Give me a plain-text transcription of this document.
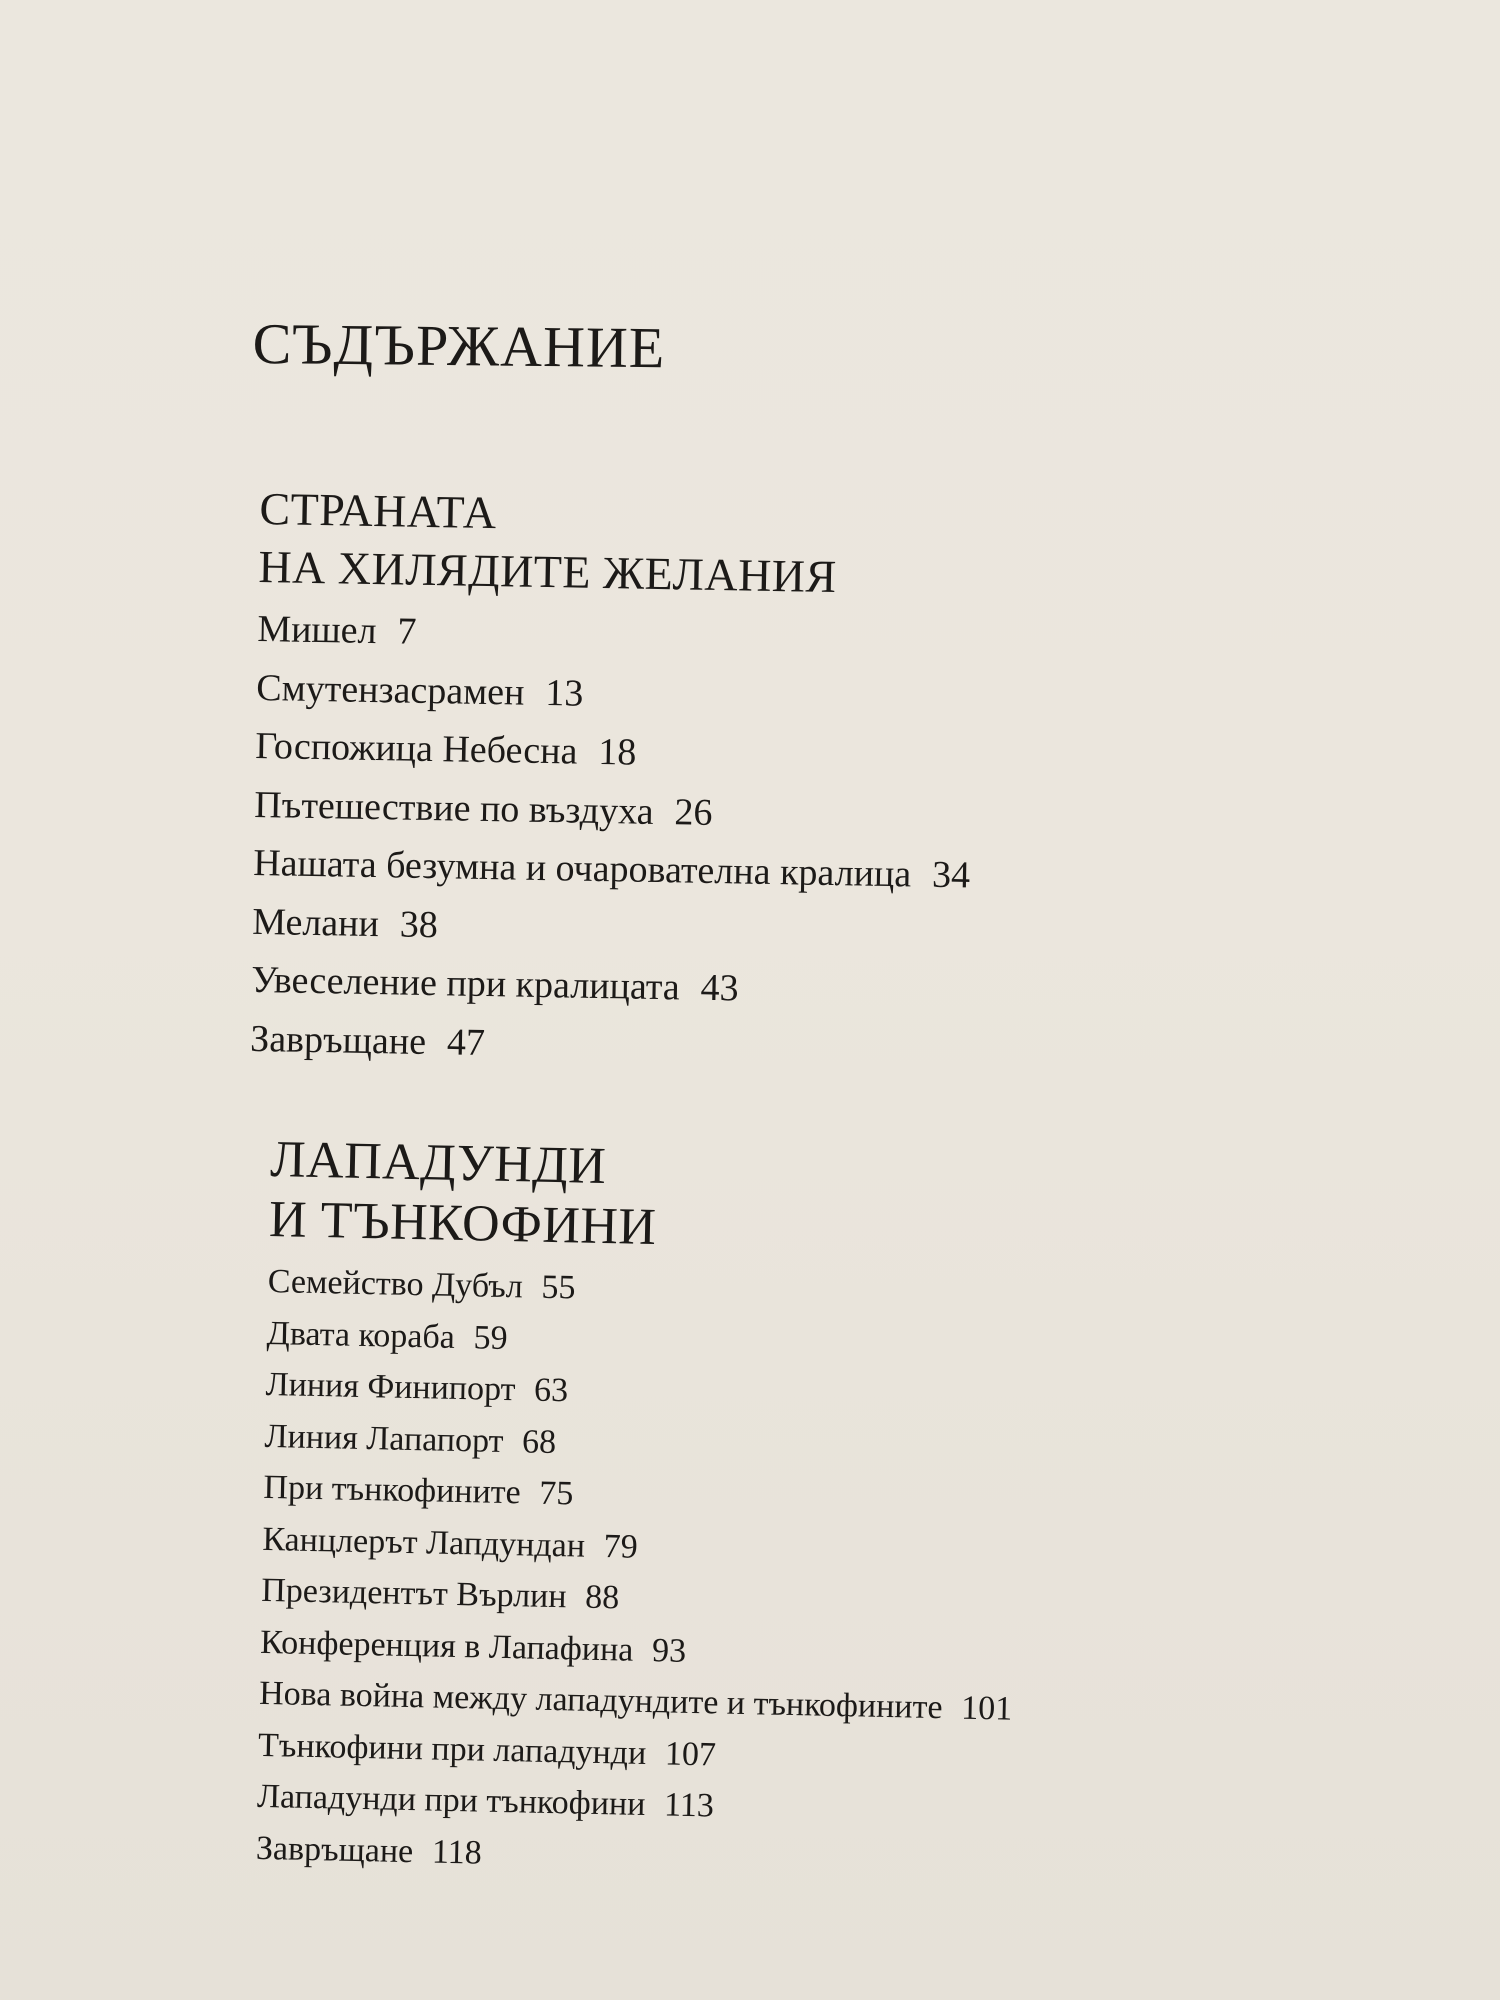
СЪДЪРЖАНИЕ
СТРАНАТА
НА ХИЛЯДИТЕ ЖЕЛАНИЯ
Мишел 7
Смутензасрамен 13
Госпожица Небесна 18
Пътешествие по въздуха 26
Нашата безумна и очарователна кралица 34
Мелани 38
Увеселение при кралицата 43
Завръщане 47
ЛАПАДУНДИ
И ТЪНКОФИНИ
Семейство Дубъл 55
Двата кораба 59
Линия Финипорт 63
Линия Лапапорт 68
При тънкофините 75
Канцлерът Лапдундан 79
Президентът Върлин 88
Конференция в Лапафина 93
Нова война между лападундите и тънкофините 101
Тънкофини при лападунди 107
Лападунди при тънкофини 113
Завръщане 118
